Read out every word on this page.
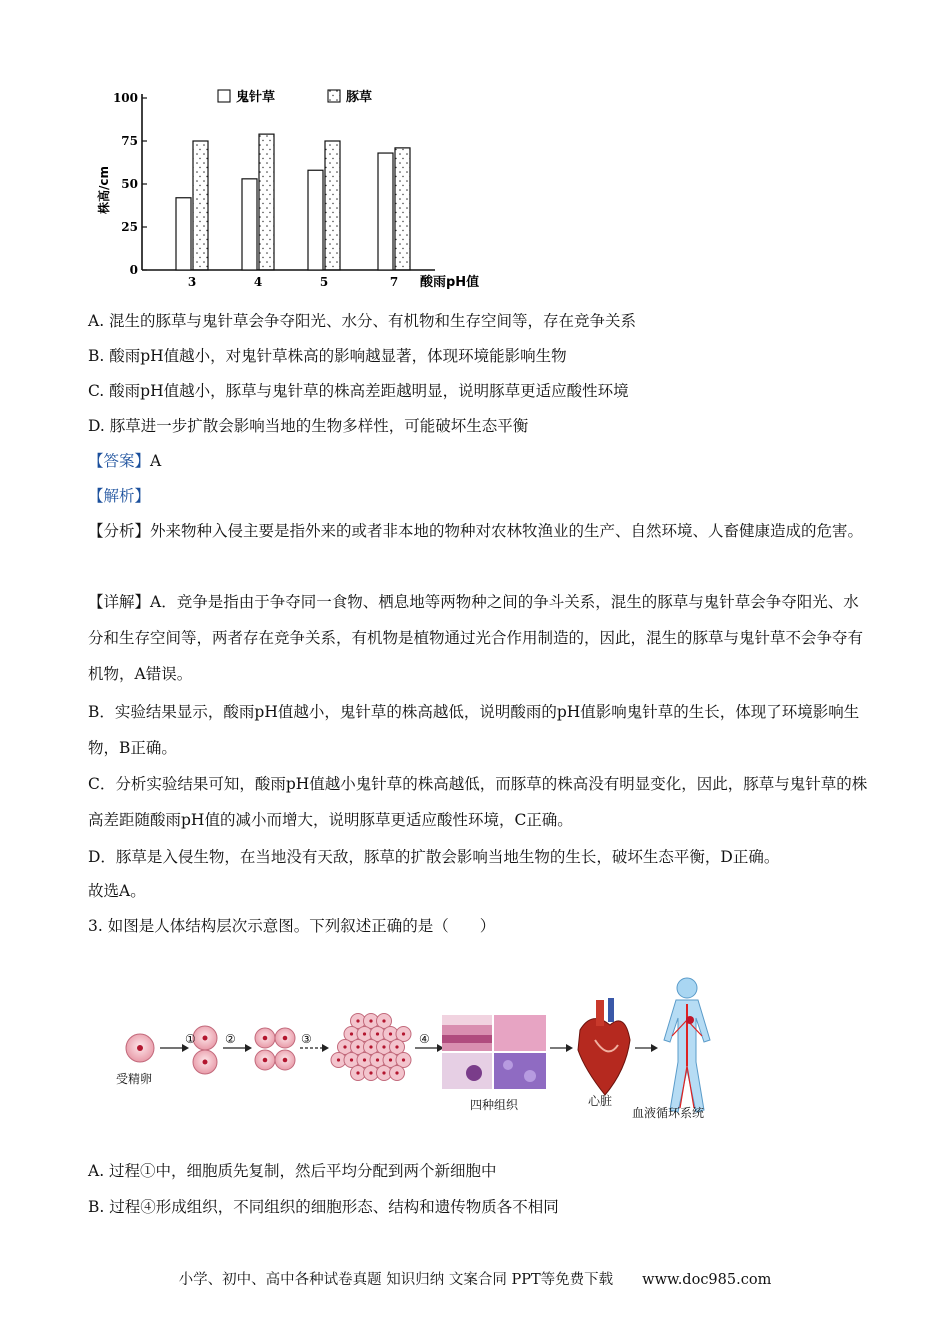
0
25
50
75
100
株高/cm
3	4	5	7 酸雨pH值
鬼针草	豚草
A. 混生的豚草与鬼针草会争夺阳光、水分、有机物和生存空间等，存在竞争关系
B. 酸雨pH值越小，对鬼针草株高的影响越显著，体现环境能影响生物
C. 酸雨pH值越小，豚草与鬼针草的株高差距越明显，说明豚草更适应酸性环境
D. 豚草进一步扩散会影响当地的生物多样性，可能破坏生态平衡
【答案】A
【解析】
【分析】外来物种入侵主要是指外来的或者非本地的物种对农林牧渔业的生产、自然环境、人畜健康造成的危害。
【详解】A．竞争是指由于争夺同一食物、栖息地等两物种之间的争斗关系，混生的豚草与鬼针草会争夺阳光、水分和生存空间等，两者存在竞争关系，有机物是植物通过光合作用制造的，因此，混生的豚草与鬼针草不会争夺有机物，A错误。
B．实验结果显示，酸雨pH值越小，鬼针草的株高越低，说明酸雨的pH值影响鬼针草的生长，体现了环境影响生物，B正确。
C．分析实验结果可知，酸雨pH值越小鬼针草的株高越低，而豚草的株高没有明显变化，因此，豚草与鬼针草的株高差距随酸雨pH值的减小而增大，说明豚草更适应酸性环境，C正确。
D．豚草是入侵生物，在当地没有天敌，豚草的扩散会影响当地生物的生长，破坏生态平衡，D正确。
故选A。
3. 如图是人体结构层次示意图。下列叙述正确的是（　　）
① ②	③	④
受精卵
四种组织	心脏
血液循环系统
A. 过程①中，细胞质先复制，然后平均分配到两个新细胞中
B. 过程④形成组织，不同组织的细胞形态、结构和遗传物质各不相同
小学、初中、高中各种试卷真题 知识归纳 文案合同 PPT等免费下载　　www.doc985.com
